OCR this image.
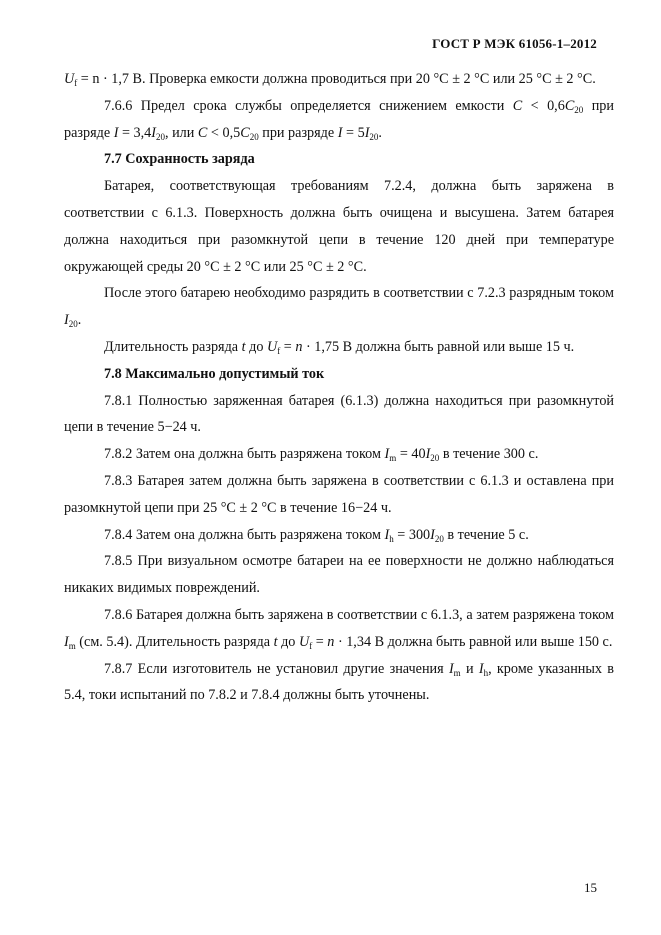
ГОСТ Р МЭК 61056-1–2012

$U_f = n \cdot 1,7$ В. Проверка емкости должна проводиться при 20 °C ± 2 °C или 25 °C ± 2 °C.

7.6.6 Предел срока службы определяется снижением емкости $C < 0,6C_{20}$ при разряде $I = 3,4I_{20}$, или $C < 0,5C_{20}$ при разряде $I = 5I_{20}$.

7.7 Сохранность заряда

Батарея, соответствующая требованиям 7.2.4, должна быть заряжена в соответствии с 6.1.3. Поверхность должна быть очищена и высушена. Затем батарея должна находиться при разомкнутой цепи в течение 120 дней при температуре окружающей среды 20 °C ± 2 °C или 25 °C ± 2 °C.

После этого батарею необходимо разрядить в соответствии с 7.2.3 разрядным током $I_{20}$.

Длительность разряда t до $U_f = n \cdot 1,75$ В должна быть равной или выше 15 ч.

7.8 Максимально допустимый ток

7.8.1 Полностью заряженная батарея (6.1.3) должна находиться при разомкнутой цепи в течение 5−24 ч.

7.8.2 Затем она должна быть разряжена током $I_m = 40I_{20}$ в течение 300 с.

7.8.3 Батарея затем должна быть заряжена в соответствии с 6.1.3 и оставлена при разомкнутой цепи при 25 °C ± 2 °C в течение 16−24 ч.

7.8.4 Затем она должна быть разряжена током $I_h = 300I_{20}$ в течение 5 с.

7.8.5 При визуальном осмотре батареи на ее поверхности не должно наблюдаться никаких видимых повреждений.

7.8.6 Батарея должна быть заряжена в соответствии с 6.1.3, а затем разряжена током $I_m$ (см. 5.4). Длительность разряда t до $U_f = n \cdot 1,34$ В должна быть равной или выше 150 с.

7.8.7 Если изготовитель не установил другие значения $I_m$ и $I_h$, кроме указанных в 5.4, токи испытаний по 7.8.2 и 7.8.4 должны быть уточнены.

15
